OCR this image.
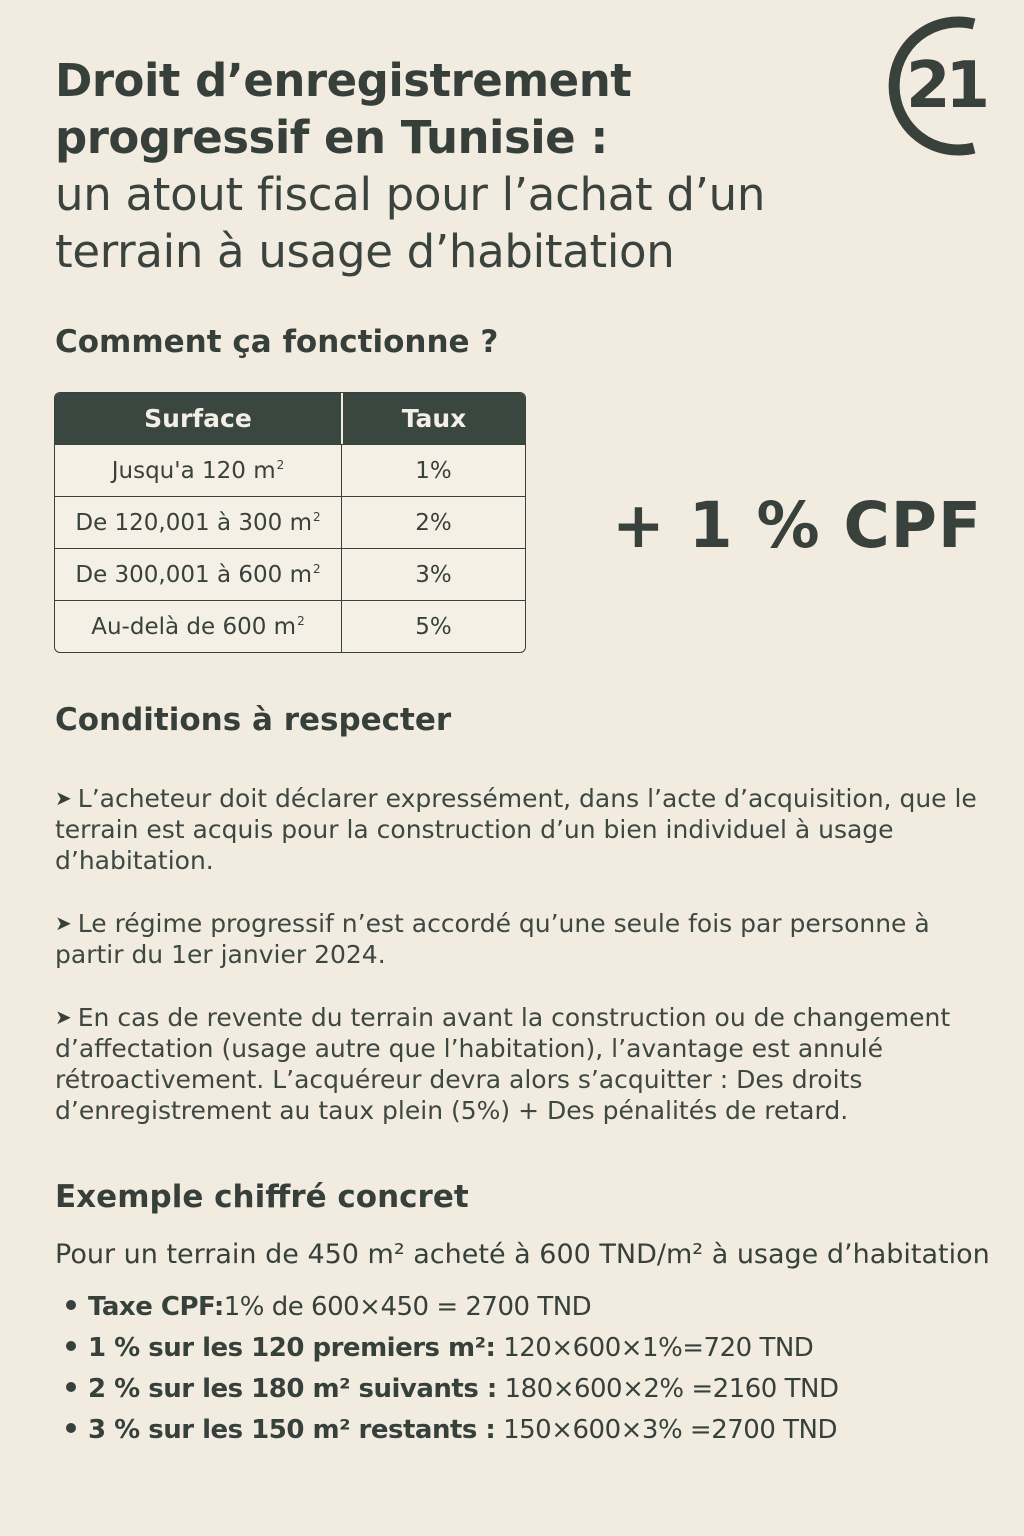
Droit d’enregistrement
progressif en Tunisie :
un atout fiscal pour l’achat d’un
terrain à usage d’habitation
21
Comment ça fonctionne ?
Surface	Taux
Jusqu'a 120 $m^2$	1%
De 120,001 à 300 $m^2$	2%
De 300,001 à 600 $m^2$	3%
Au-delà de 600 $m^2$	5%
+ 1 % CPF
Conditions à respecter

➤ L’acheteur doit déclarer expressément, dans l’acte d’acquisition, que le terrain est acquis pour la construction d’un bien individuel à usage d’habitation.

➤ Le régime progressif n’est accordé qu’une seule fois par personne à partir du 1er janvier 2024.

➤ En cas de revente du terrain avant la construction ou de changement d’affectation (usage autre que l’habitation), l’avantage est annulé rétroactivement. L’acquéreur devra alors s’acquitter : Des droits d’enregistrement au taux plein (5%) + Des pénalités de retard.

Exemple chiffré concret
Pour un terrain de 450 m² acheté à 600 TND/m² à usage d’habitation
Taxe CPF:1% de 600×450 = 2700 TND
1 % sur les 120 premiers m²: 120×600×1%=720 TND
2 % sur les 180 m² suivants : 180×600×2% =2160 TND
3 % sur les 150 m² restants : 150×600×3% =2700 TND
